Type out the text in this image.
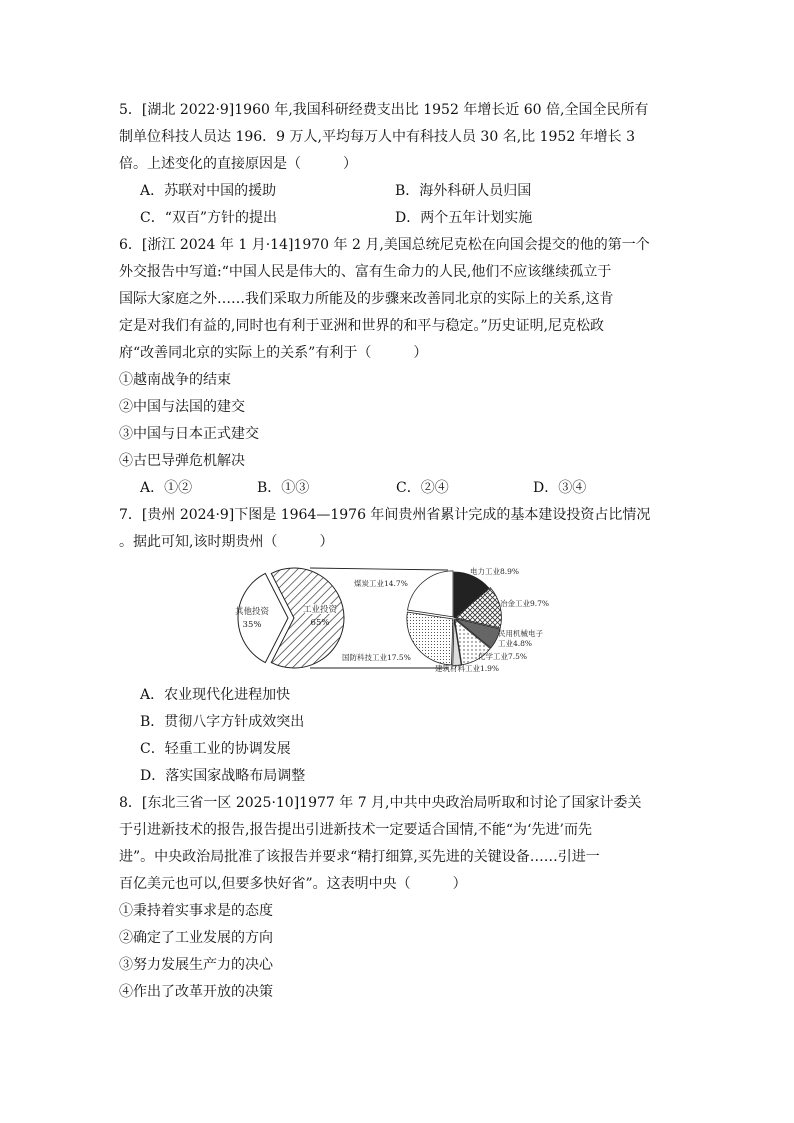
5．[湖北 2022·9]1960 年,我国科研经费支出比 1952 年增长近 60 倍,全国全民所有
制单位科技人员达 196．9 万人,平均每万人中有科技人员 30 名,比 1952 年增长 3
倍。上述变化的直接原因是（　　　）
A．苏联对中国的援助	B．海外科研人员归国
C．“双百”方针的提出	D．两个五年计划实施
6．[浙江 2024 年 1 月·14]1970 年 2 月,美国总统尼克松在向国会提交的他的第一个
外交报告中写道:“中国人民是伟大的、富有生命力的人民,他们不应该继续孤立于
国际大家庭之外……我们采取力所能及的步骤来改善同北京的实际上的关系,这肯
定是对我们有益的,同时也有利于亚洲和世界的和平与稳定。”历史证明,尼克松政
府“改善同北京的实际上的关系”有利于（　　　）
①越南战争的结束
②中国与法国的建交
③中国与日本正式建交
④古巴导弹危机解决
A．①②	B．①③	C．②④	D．③④
7．[贵州 2024·9]下图是 1964—1976 年间贵州省累计完成的基本建设投资占比情况
。据此可知,该时期贵州（　　　）
其他投资
35%
工业投资
65%
电力工业8.9%
冶金工业9.7%
民用机械电子
工业4.8%
化学工业7.5%
建筑材料工业1.9%
国防科技工业17.5%
煤炭工业14.7%
A．农业现代化进程加快
B．贯彻八字方针成效突出
C．轻重工业的协调发展
D．落实国家战略布局调整
8．[东北三省一区 2025·10]1977 年 7 月,中共中央政治局听取和讨论了国家计委关
于引进新技术的报告,报告提出引进新技术一定要适合国情,不能“为‘先进’而先
进”。中央政治局批准了该报告并要求“精打细算,买先进的关键设备……引进一
百亿美元也可以,但要多快好省”。这表明中央（　　　）
①秉持着实事求是的态度
②确定了工业发展的方向
③努力发展生产力的决心
④作出了改革开放的决策
